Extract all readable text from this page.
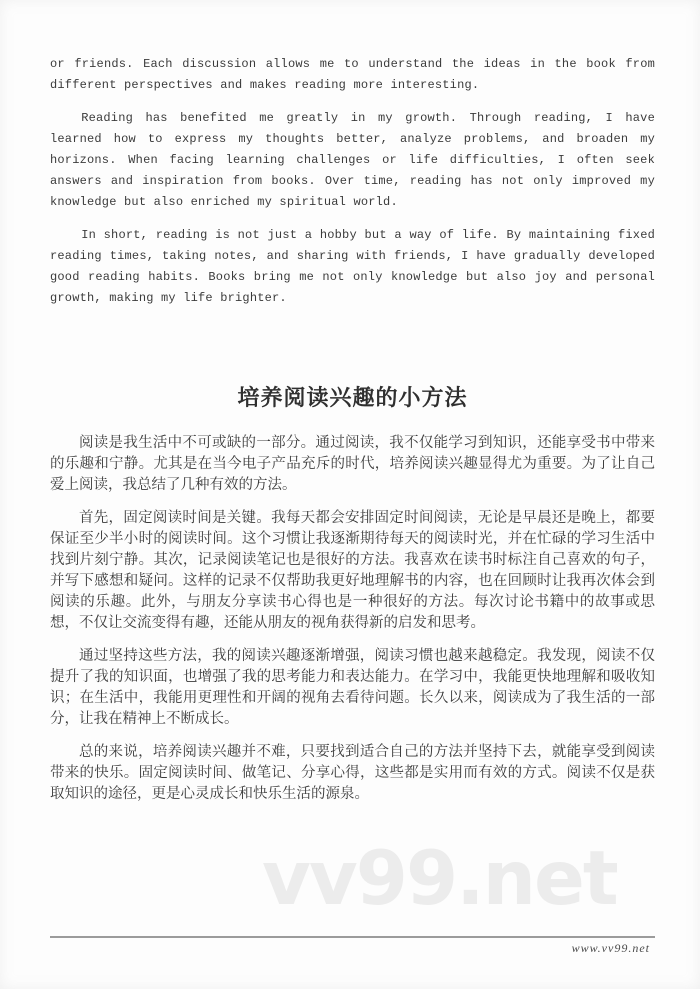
vv99.net

or friends. Each discussion allows me to understand the ideas in the book from different perspectives and makes reading more interesting.

Reading has benefited me greatly in my growth. Through reading, I have learned how to express my thoughts better, analyze problems, and broaden my horizons. When facing learning challenges or life difficulties, I often seek answers and inspiration from books. Over time, reading has not only improved my knowledge but also enriched my spiritual world.

In short, reading is not just a hobby but a way of life. By maintaining fixed reading times, taking notes, and sharing with friends, I have gradually developed good reading habits. Books bring me not only knowledge but also joy and personal growth, making my life brighter.

培养阅读兴趣的小方法

阅读是我生活中不可或缺的一部分。通过阅读，我不仅能学习到知识，还能享受书中带来的乐趣和宁静。尤其是在当今电子产品充斥的时代，培养阅读兴趣显得尤为重要。为了让自己爱上阅读，我总结了几种有效的方法。

首先，固定阅读时间是关键。我每天都会安排固定时间阅读，无论是早晨还是晚上，都要保证至少半小时的阅读时间。这个习惯让我逐渐期待每天的阅读时光，并在忙碌的学习生活中找到片刻宁静。其次，记录阅读笔记也是很好的方法。我喜欢在读书时标注自己喜欢的句子，并写下感想和疑问。这样的记录不仅帮助我更好地理解书的内容，也在回顾时让我再次体会到阅读的乐趣。此外，与朋友分享读书心得也是一种很好的方法。每次讨论书籍中的故事或思想，不仅让交流变得有趣，还能从朋友的视角获得新的启发和思考。

通过坚持这些方法，我的阅读兴趣逐渐增强，阅读习惯也越来越稳定。我发现，阅读不仅提升了我的知识面，也增强了我的思考能力和表达能力。在学习中，我能更快地理解和吸收知识；在生活中，我能用更理性和开阔的视角去看待问题。长久以来，阅读成为了我生活的一部分，让我在精神上不断成长。

总的来说，培养阅读兴趣并不难，只要找到适合自己的方法并坚持下去，就能享受到阅读带来的快乐。固定阅读时间、做笔记、分享心得，这些都是实用而有效的方式。阅读不仅是获取知识的途径，更是心灵成长和快乐生活的源泉。

www.vv99.net
